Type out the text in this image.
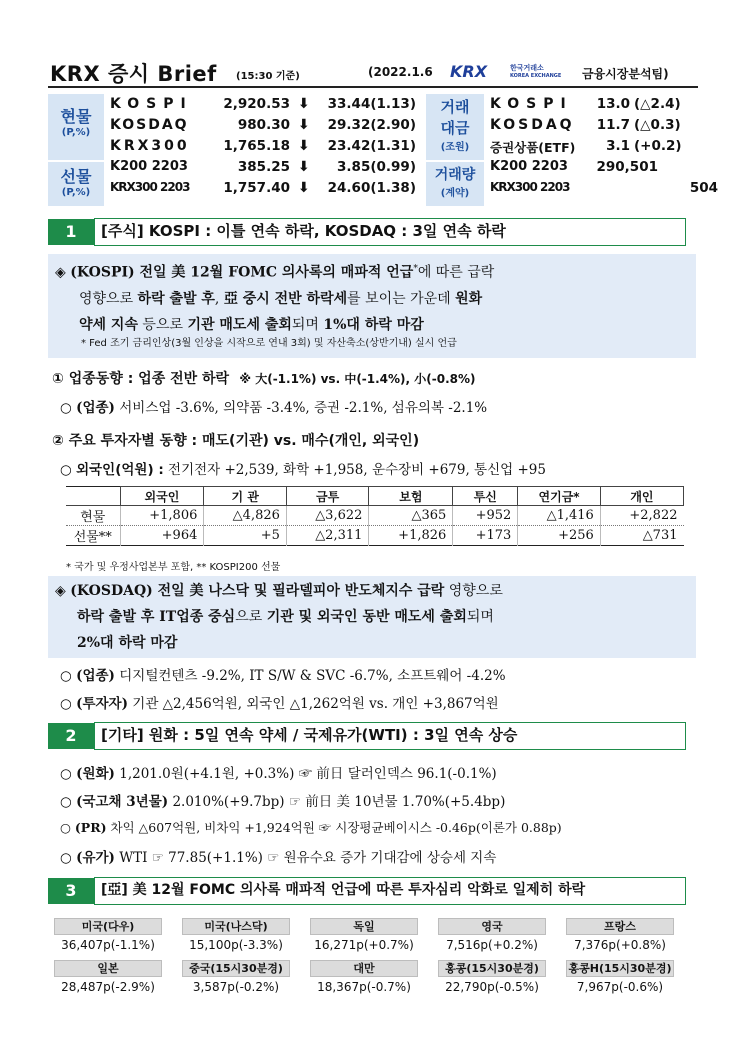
KRX 증시 Brief (15:30 기준)	(2022.1.6 KRX	한국거래소
KOREA EXCHANGE 금융시장분석팀)
현물
(P,%)
선물
(P,%)
KOSPI	2,920.53 ⬇	33.44(1.13)
KOSDAQ	980.30 ⬇	29.32(2.90)
KRX300	1,765.18 ⬇	23.42(1.31)
K200 2203	385.25 ⬇	3.85(0.99)
KRX300 2203	1,757.40 ⬇	24.60(1.38)
거래
대금
(조원)
거래량
(계약)
KOSPI 13.0 (△2.4)
KOSDAQ 11.7 (△0.3)
증권상품(ETF)	3.1 (+0.2)
K200 2203 290,501
KRX300 2203	504
1	[주식] KOSPI : 이틀 연속 하락, KOSDAQ : 3일 연속 하락
◈ (KOSPI) 전일 美 12월 FOMC 의사록의 매파적 언급*에 따른 급락
영향으로 하락 출발 후, 亞 중시 전반 하락세를 보이는 가운데 원화
약세 지속 등으로 기관 매도세 출회되며 1%대 하락 마감
* Fed 조기 금리인상(3월 인상을 시작으로 연내 3회) 및 자산축소(상반기내) 실시 언급
① 업종동향 : 업종 전반 하락 ※ 大(-1.1%) vs. 中(-1.4%), 小(-0.8%)
○ (업종) 서비스업 -3.6%, 의약품 -3.4%, 증권 -2.1%, 섬유의복 -2.1%
② 주요 투자자별 동향 : 매도(기관) vs. 매수(개인, 외국인)
○ 외국인(억원) : 전기전자 +2,539, 화학 +1,958, 운수장비 +679, 통신업 +95
	외국인	기 관	금투	보험	투신	연기금*	개인
현물	+1,806	△4,826	△3,622	△365	+952	△1,416	+2,822
선물**	+964	+5	△2,311	+1,826	+173	+256	△731
* 국가 및 우정사업본부 포함, ** KOSPI200 선물
◈ (KOSDAQ) 전일 美 나스닥 및 필라델피아 반도체지수 급락 영향으로
하락 출발 후 IT업종 중심으로 기관 및 외국인 동반 매도세 출회되며
2%대 하락 마감
○ (업종) 디지털컨텐츠 -9.2%, IT S/W & SVC -6.7%, 소프트웨어 -4.2%
○ (투자자) 기관 △2,456억원, 외국인 △1,262억원 vs. 개인 +3,867억원
2	[기타] 원화 : 5일 연속 약세 / 국제유가(WTI) : 3일 연속 상승
○ (원화) 1,201.0원(+4.1원, +0.3%) ☞ 前日 달러인덱스 96.1(-0.1%)
○ (국고채 3년물) 2.010%(+9.7bp) ☞ 前日 美 10년물 1.70%(+5.4bp)
○ (PR) 차익 △607억원, 비차익 +1,924억원 ☞ 시장평균베이시스 -0.46p(이론가 0.88p)
○ (유가) WTI ☞ 77.85(+1.1%) ☞ 원유수요 증가 기대감에 상승세 지속
3	[亞] 美 12월 FOMC 의사록 매파적 언급에 따른 투자심리 악화로 일제히 하락
미국(다우)
36,407p(-1.1%)
미국(나스닥)
15,100p(-3.3%)
독일
16,271p(+0.7%)
영국
7,516p(+0.2%)
프랑스
7,376p(+0.8%)
일본
28,487p(-2.9%)
중국(15시30분경)
3,587p(-0.2%)
대만
18,367p(-0.7%)
홍콩(15시30분경)
22,790p(-0.5%)
홍콩H(15시30분경)
7,967p(-0.6%)
